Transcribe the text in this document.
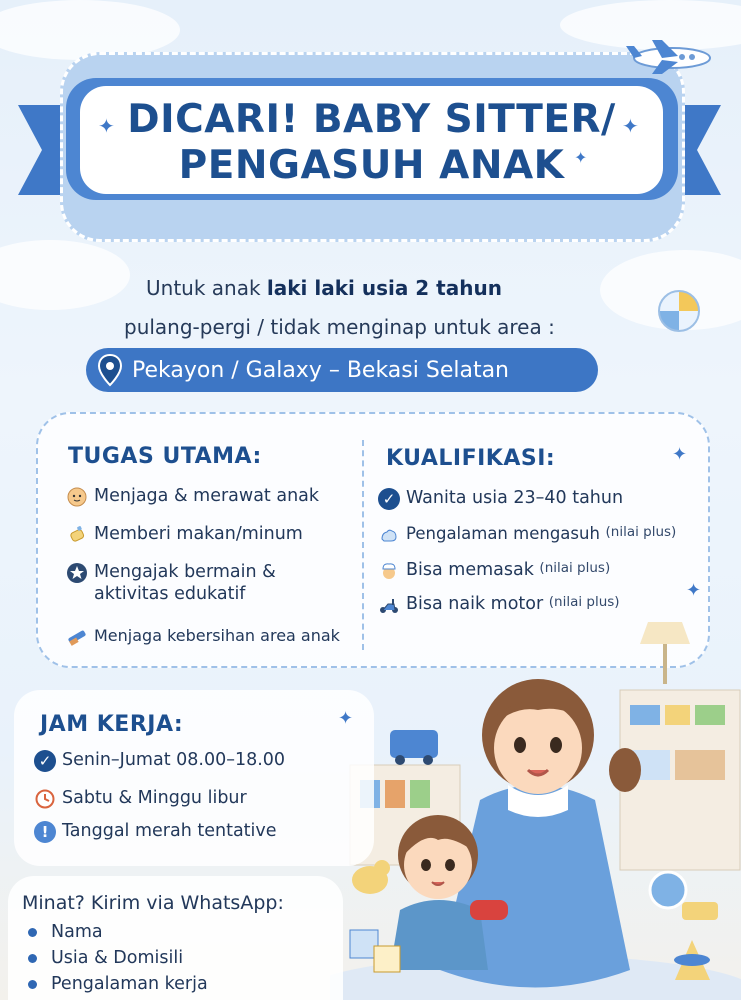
DICARI! BABY SITTER/
PENGASUH ANAK
✦	✦
✦
Untuk anak laki laki usia 2 tahun
pulang-pergi / tidak menginap untuk area :
Pekayon / Galaxy – Bekasi Selatan
TUGAS UTAMA:
Menjaga & merawat anak
Memberi makan/minum
Mengajak bermain &
aktivitas edukatif
Menjaga kebersihan area anak
KUALIFIKASI:
✓ Wanita usia 23–40 tahun
Pengalaman mengasuh
(nilai plus)
Bisa memasak
(nilai plus)
Bisa naik motor
(nilai plus)
✦
✦
JAM KERJA:
✓ Senin–Jumat 08.00–18.00
Sabtu & Minggu libur
! Tanggal merah tentative
✦
Minat? Kirim via WhatsApp:
Nama
Usia & Domisili
Pengalaman kerja
